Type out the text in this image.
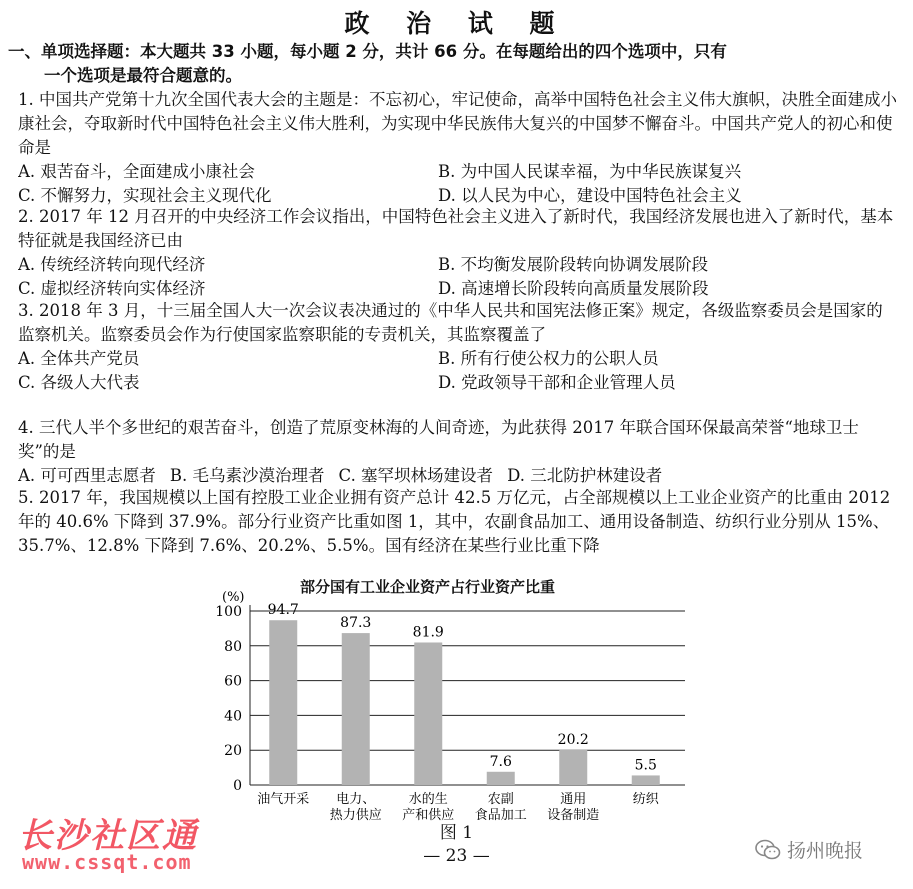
政 治 试 题
一、单项选择题：本大题共 33 小题，每小题 2 分，共计 66 分。在每题给出的四个选项中，只有
一个选项是最符合题意的。
1. 中国共产党第十九次全国代表大会的主题是：不忘初心，牢记使命，高举中国特色社会主义伟大旗帜，决胜全面建成小康社会，夺取新时代中国特色社会主义伟大胜利，为实现中华民族伟大复兴的中国梦不懈奋斗。中国共产党人的初心和使命是
A. 艰苦奋斗，全面建成小康社会	B. 为中国人民谋幸福，为中华民族谋复兴
C. 不懈努力，实现社会主义现代化	D. 以人民为中心，建设中国特色社会主义
2. 2017 年 12 月召开的中央经济工作会议指出，中国特色社会主义进入了新时代，我国经济发展也进入了新时代，基本特征就是我国经济已由
A. 传统经济转向现代经济	B. 不均衡发展阶段转向协调发展阶段
C. 虚拟经济转向实体经济	D. 高速增长阶段转向高质量发展阶段
3. 2018 年 3 月，十三届全国人大一次会议表决通过的《中华人民共和国宪法修正案》规定，各级监察委员会是国家的监察机关。监察委员会作为行使国家监察职能的专责机关，其监察覆盖了
A. 全体共产党员	B. 所有行使公权力的公职人员
C. 各级人大代表	D. 党政领导干部和企业管理人员
4. 三代人半个多世纪的艰苦奋斗，创造了荒原变林海的人间奇迹，为此获得 2017 年联合国环保最高荣誉“地球卫士奖”的是
A. 可可西里志愿者 B. 毛乌素沙漠治理者 C. 塞罕坝林场建设者 D. 三北防护林建设者
5. 2017 年，我国规模以上国有控股工业企业拥有资产总计 42.5 万亿元，占全部规模以上工业企业资产的比重由 2012 年的 40.6% 下降到 37.9%。部分行业资产比重如图 1，其中，农副食品加工、通用设备制造、纺织行业分别从 15%、35.7%、12.8% 下降到 7.6%、20.2%、5.5%。国有经济在某些行业比重下降
部分国有工业企业资产占行业资产比重
(%)
0
20
40
60
80
100 94.7
油气开采
87.3
电力、
热力供应
81.9
水的生
产和供应
7.6
农副
食品加工
20.2
通用
设备制造
5.5
纺织
图 1
— 23 —
长沙社区通
www.cssqt.com	扬州晚报
